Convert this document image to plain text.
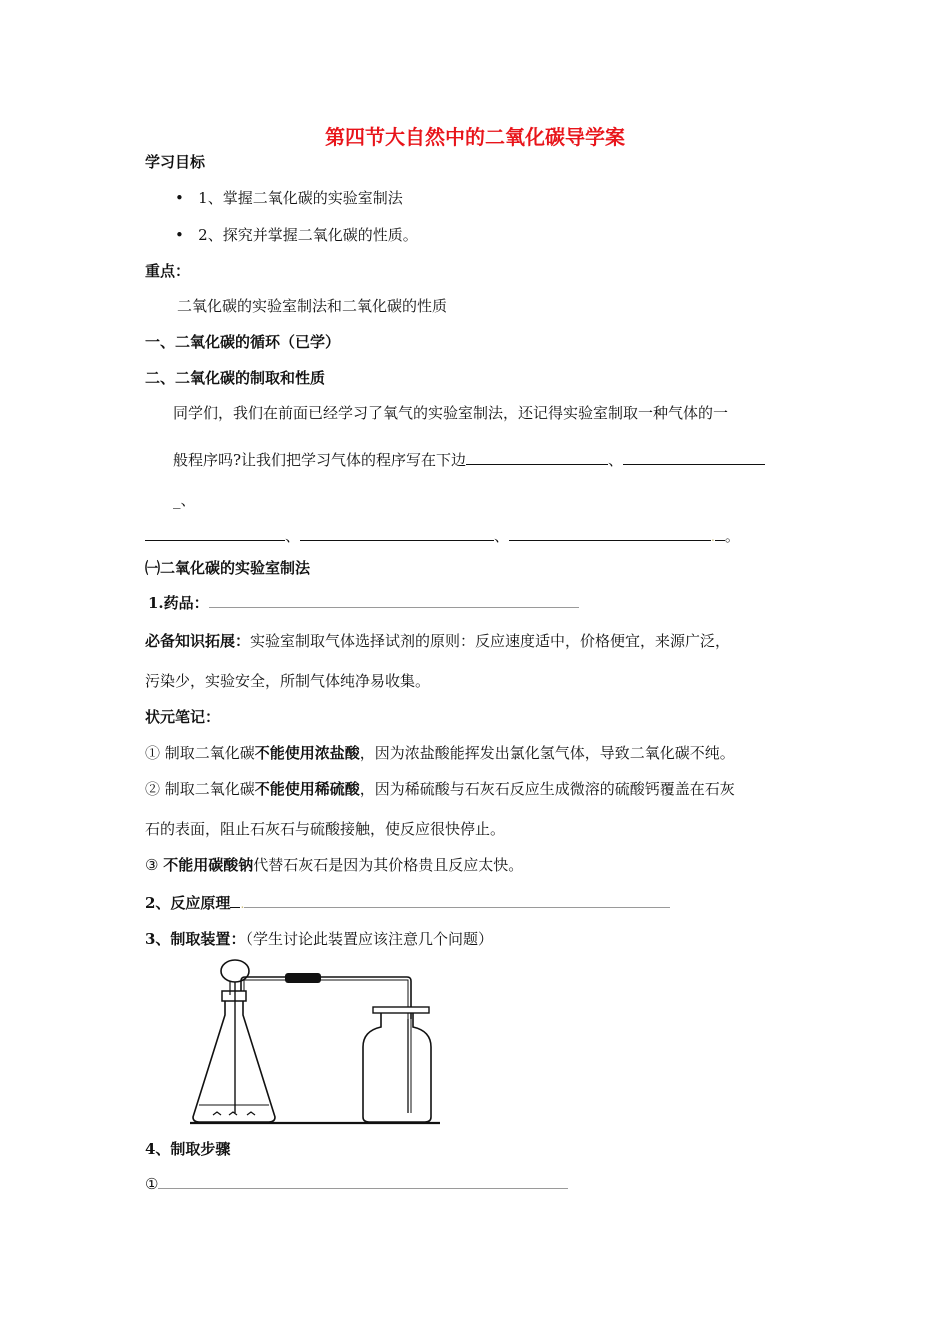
第四节大自然中的二氧化碳导学案
学习目标
• 1、掌握二氧化碳的实验室制法
• 2、探究并掌握二氧化碳的性质。
重点：
二氧化碳的实验室制法和二氧化碳的性质
一、二氧化碳的循环（已学）
二、二氧化碳的制取和性质
同学们，我们在前面已经学习了氧气的实验室制法，还记得实验室制取一种气体的一
般程序吗?让我们把学习气体的程序写在下边	、
_、
、	、	. 。
㈠二氧化碳的实验室制法
1.药品：
必备知识拓展：实验室制取气体选择试剂的原则：反应速度适中，价格便宜，来源广泛，
污染少，实验安全，所制气体纯净易收集。
状元笔记：
① 制取二氧化碳不能使用浓盐酸，因为浓盐酸能挥发出氯化氢气体，导致二氧化碳不纯。
② 制取二氧化碳不能使用稀硫酸，因为稀硫酸与石灰石反应生成微溶的硫酸钙覆盖在石灰
石的表面，阻止石灰石与硫酸接触，使反应很快停止。
③ 不能用碳酸钠代替石灰石是因为其价格贵且反应太快。
2、反应原理 .
3、制取装置：（学生讨论此装置应该注意几个问题）
4、制取步骤
①
